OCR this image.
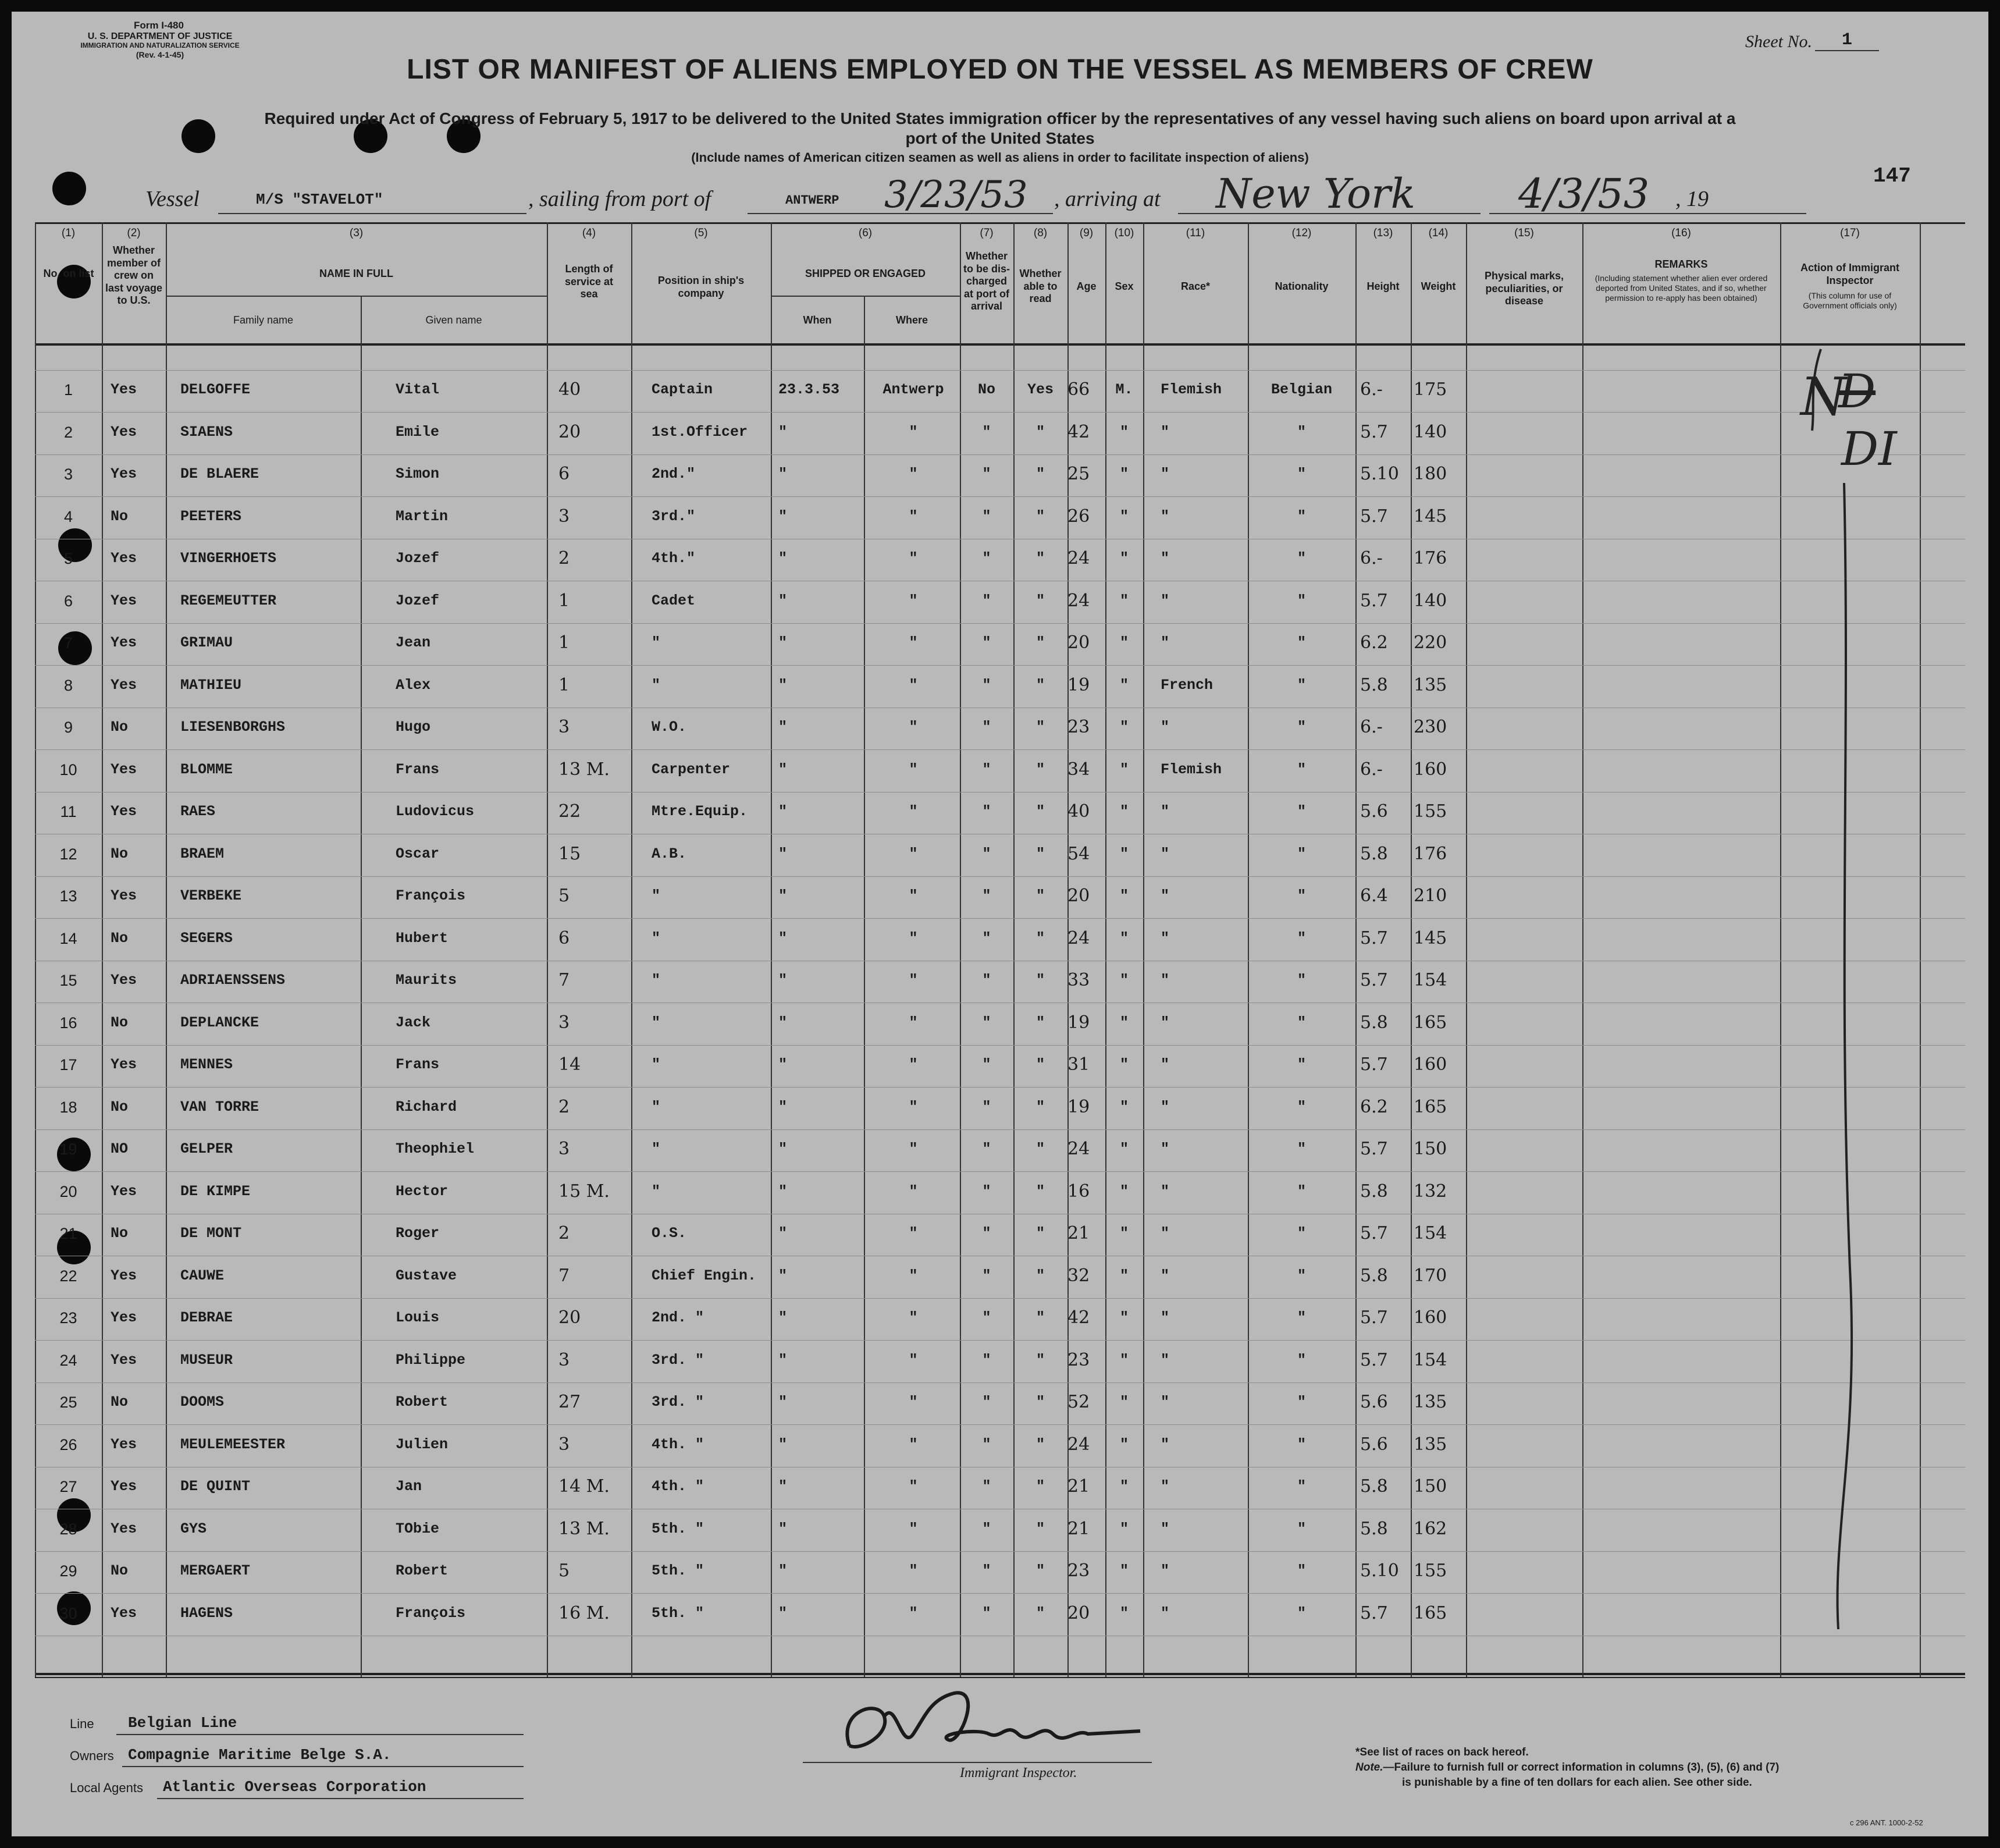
Form I-480
U. S. DEPARTMENT OF JUSTICE
IMMIGRATION AND NATURALIZATION SERVICE
(Rev. 4-1-45)
Sheet No.	1
LIST OR MANIFEST OF ALIENS EMPLOYED ON THE VESSEL AS MEMBERS OF CREW
Required under Act of Congress of February 5, 1917 to be delivered to the United States immigration officer by the representatives of any vessel having such aliens on board upon arrival at a
port of the United States
(Include names of American citizen seamen as well as aliens in order to facilitate inspection of aliens)
147
Vessel	M/S "STAVELOT"	, sailing from port of	ANTWERP 3/23/53 , arriving at New York	4/3/53 , 19
(1)	(2)	(3)	(4)	(5)	(6)	(7)	(8)	(9)	(10)	(11)	(12)	(13)	(14)	(15)	(16)	(17)
No. on list
Whether member of crew on last voyage to U.S.
NAME IN FULL
Family name	Given name
Length of service at sea
Position in ship's company
SHIPPED OR ENGAGED
When	Where
Whether to be dis-charged at port of arrival
Whether able to read
Age	Sex	Race*	Nationality	Height	Weight
Physical marks, peculiarities, or disease
REMARKS
(Including statement whether alien ever ordered deported from United States, and if so, whether permission to re-apply has been obtained)
Action of Immigrant Inspector
(This column for use of Government officials only)
1	Yes	DELGOFFE	Vital	40	Captain	23.3.53	Antwerp	No	Yes 66	M.	Flemish	Belgian	6.-	175
2	Yes	SIAENS	Emile	20	1st.Officer	"	"	"	"	42	"	"	"	5.7	140
3	Yes	DE BLAERE	Simon	6	2nd."	"	"	"	"	25	"	"	"	5.10 180
4	No	PEETERS	Martin	3	3rd."	"	"	"	"	26	"	"	"	5.7	145
5	Yes	VINGERHOETS	Jozef	2	4th."	"	"	"	"	24	"	"	"	6.-	176
6	Yes	REGEMEUTTER	Jozef	1	Cadet	"	"	"	"	24	"	"	"	5.7	140
7	Yes	GRIMAU	Jean	1	"	"	"	"	"	20	"	"	"	6.2	220
8	Yes	MATHIEU	Alex	1	"	"	"	"	"	19	"	French	"	5.8	135
9	No	LIESENBORGHS	Hugo	3	W.O.	"	"	"	"	23	"	"	"	6.-	230
10	Yes	BLOMME	Frans	13 M.	Carpenter	"	"	"	"	34	"	Flemish	"	6.-	160
11	Yes	RAES	Ludovicus	22	Mtre.Equip.	"	"	"	"	40	"	"	"	5.6	155
12	No	BRAEM	Oscar	15	A.B.	"	"	"	"	54	"	"	"	5.8	176
13	Yes	VERBEKE	François	5	"	"	"	"	"	20	"	"	"	6.4	210
14	No	SEGERS	Hubert	6	"	"	"	"	"	24	"	"	"	5.7	145
15	Yes	ADRIAENSSENS	Maurits	7	"	"	"	"	"	33	"	"	"	5.7	154
16	No	DEPLANCKE	Jack	3	"	"	"	"	"	19	"	"	"	5.8	165
17	Yes	MENNES	Frans	14	"	"	"	"	"	31	"	"	"	5.7	160
18	No	VAN TORRE	Richard	2	"	"	"	"	"	19	"	"	"	6.2	165
19	NO	GELPER	Theophiel	3	"	"	"	"	"	24	"	"	"	5.7	150
20	Yes	DE KIMPE	Hector	15 M.	"	"	"	"	"	16	"	"	"	5.8	132
21	No	DE MONT	Roger	2	O.S.	"	"	"	"	21	"	"	"	5.7	154
22	Yes	CAUWE	Gustave	7	Chief Engin.	"	"	"	"	32	"	"	"	5.8	170
23	Yes	DEBRAE	Louis	20	2nd. "	"	"	"	"	42	"	"	"	5.7	160
24	Yes	MUSEUR	Philippe	3	3rd. "	"	"	"	"	23	"	"	"	5.7	154
25	No	DOOMS	Robert	27	3rd. "	"	"	"	"	52	"	"	"	5.6	135
26	Yes	MEULEMEESTER	Julien	3	4th. "	"	"	"	"	24	"	"	"	5.6	135
27	Yes	DE QUINT	Jan	14 M.	4th. "	"	"	"	"	21	"	"	"	5.8	150
28	Yes	GYS	TObie	13 M.	5th. "	"	"	"	"	21	"	"	"	5.8	162
29	No	MERGAERT	Robert	5	5th. "	"	"	"	"	23	"	"	"	5.10 155
30	Yes	HAGENS	François	16 M.	5th. "	"	"	"	"	20	"	"	"	5.7	165
N
D
DI
Line Belgian Line
Owners Compagnie Maritime Belge S.A.
Local Agents Atlantic Overseas Corporation
Immigrant Inspector.
*See list of races on back hereof.
Note.—Failure to furnish full or correct information in columns (3), (5), (6) and (7)
is punishable by a fine of ten dollars for each alien. See other side.
c 296 ANT. 1000-2-52
